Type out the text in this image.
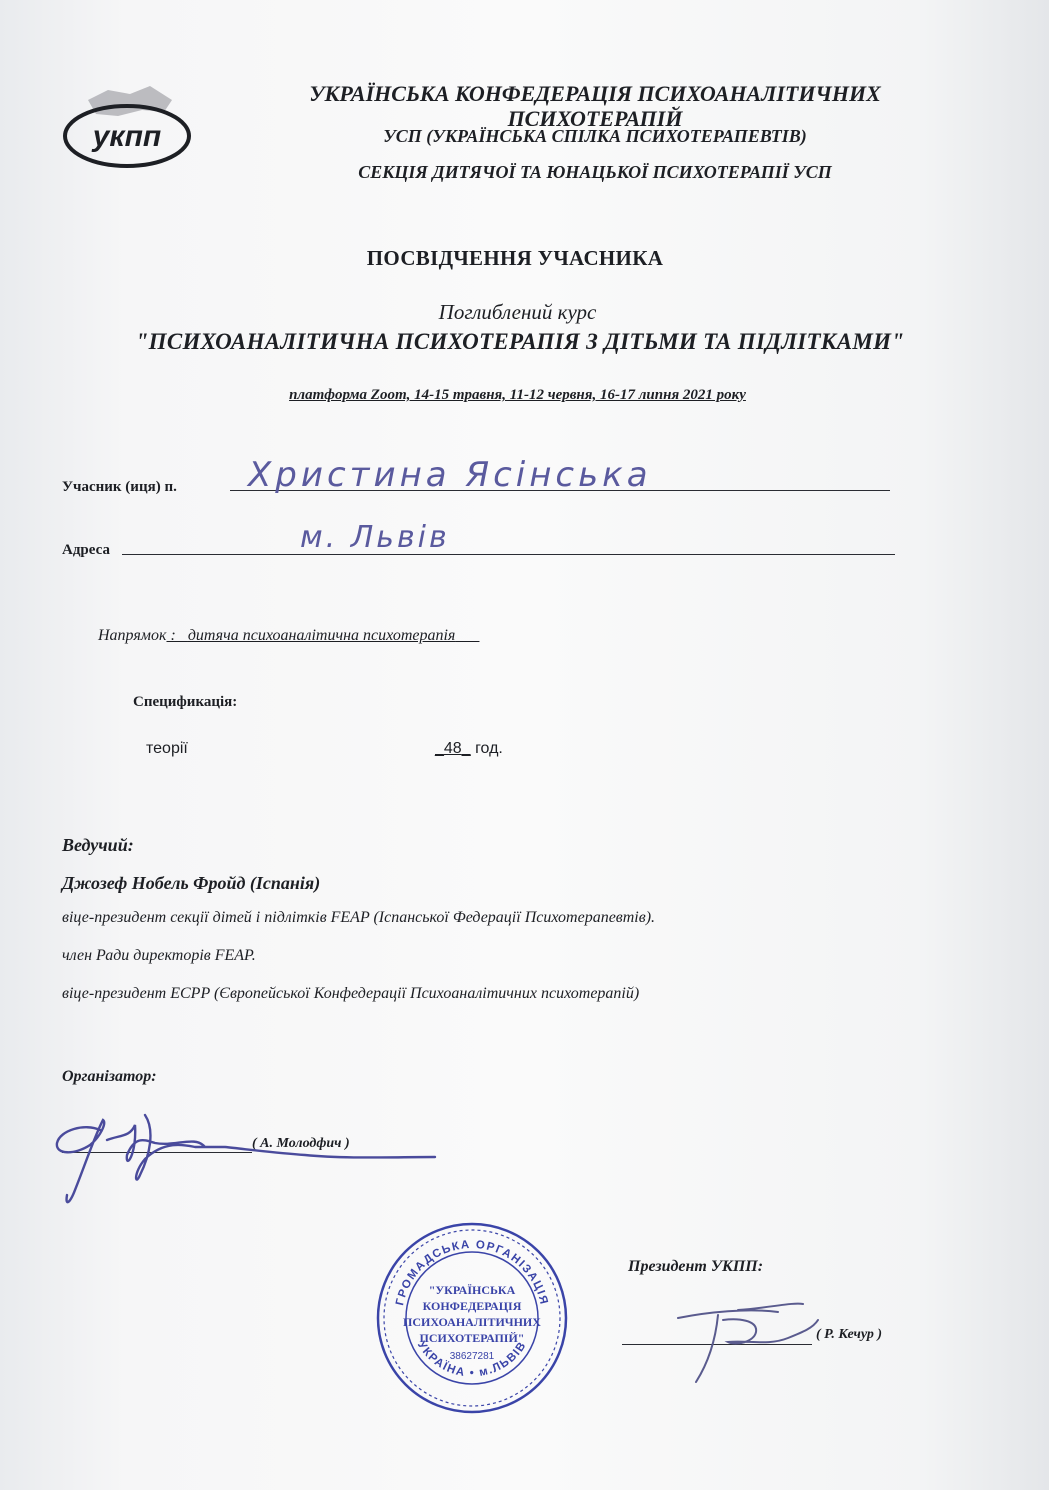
укпп
УКРАЇНСЬКА КОНФЕДЕРАЦІЯ ПСИХОАНАЛІТИЧНИХ
ПСИХОТЕРАПІЙ
УСП (УКРАЇНСЬКА СПІЛКА ПСИХОТЕРАПЕВТІВ)
СЕКЦІЯ ДИТЯЧОЇ ТА ЮНАЦЬКОЇ ПСИХОТЕРАПІЇ УСП
ПОСВІДЧЕННЯ УЧАСНИКА
Поглиблений курс
"ПСИХОАНАЛІТИЧНА ПСИХОТЕРАПІЯ З ДІТЬМИ ТА ПІДЛІТКАМИ"
платформа Zoom, 14-15 травня, 11-12 червня, 16-17 липня 2021 року
Учасник (иця) п. Христина Ясінська
Адреса	м. Львів
Напрямок : _дитяча психоаналітична психотерапія___
Спецификація:
теорії	_48_ год.
Ведучий:
Джозеф Нобель Фройд (Іспанія)
віце-президент секції дітей і підлітків FEAP (Іспанської Федерації Психотерапевтів).
член Ради директорів FEAP.
віце-президент ECPP (Європейської Конфедерації Психоаналітичних психотерапій)
Організатор:
( А. Молодфич )
ГРОМАДСЬКА ОРГАНІЗАЦІЯ
УКРАЇНА • м.ЛЬВІВ
"УКРАЇНСЬКА
КОНФЕДЕРАЦІЯ
ПСИХОАНАЛІТИЧНИХ
ПСИХОТЕРАПІЙ"
38627281
Президент УКПП:
( Р. Кечур )
